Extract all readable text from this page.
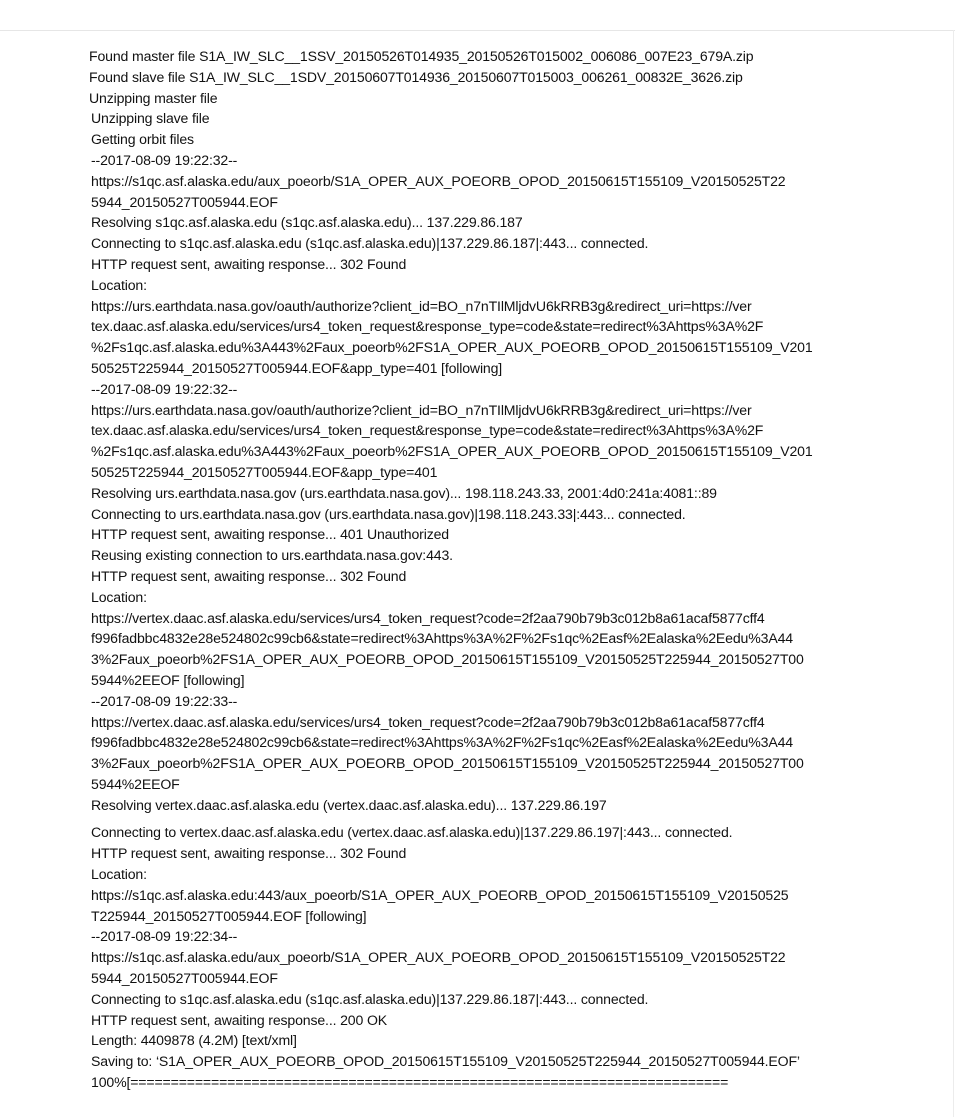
Found master file S1A_IW_SLC__1SSV_20150526T014935_20150526T015002_006086_007E23_679A.zip
Found slave file S1A_IW_SLC__1SDV_20150607T014936_20150607T015003_006261_00832E_3626.zip
Unzipping master file
Unzipping slave file
Getting orbit files
--2017-08-09 19:22:32--
https://s1qc.asf.alaska.edu/aux_poeorb/S1A_OPER_AUX_POEORB_OPOD_20150615T155109_V20150525T22
5944_20150527T005944.EOF
Resolving s1qc.asf.alaska.edu (s1qc.asf.alaska.edu)... 137.229.86.187
Connecting to s1qc.asf.alaska.edu (s1qc.asf.alaska.edu)|137.229.86.187|:443... connected.
HTTP request sent, awaiting response... 302 Found
Location:
https://urs.earthdata.nasa.gov/oauth/authorize?client_id=BO_n7nTIlMljdvU6kRRB3g&redirect_uri=https://ver
tex.daac.asf.alaska.edu/services/urs4_token_request&response_type=code&state=redirect%3Ahttps%3A%2F
%2Fs1qc.asf.alaska.edu%3A443%2Faux_poeorb%2FS1A_OPER_AUX_POEORB_OPOD_20150615T155109_V201
50525T225944_20150527T005944.EOF&app_type=401 [following]
--2017-08-09 19:22:32--
https://urs.earthdata.nasa.gov/oauth/authorize?client_id=BO_n7nTIlMljdvU6kRRB3g&redirect_uri=https://ver
tex.daac.asf.alaska.edu/services/urs4_token_request&response_type=code&state=redirect%3Ahttps%3A%2F
%2Fs1qc.asf.alaska.edu%3A443%2Faux_poeorb%2FS1A_OPER_AUX_POEORB_OPOD_20150615T155109_V201
50525T225944_20150527T005944.EOF&app_type=401
Resolving urs.earthdata.nasa.gov (urs.earthdata.nasa.gov)... 198.118.243.33, 2001:4d0:241a:4081::89
Connecting to urs.earthdata.nasa.gov (urs.earthdata.nasa.gov)|198.118.243.33|:443... connected.
HTTP request sent, awaiting response... 401 Unauthorized
Reusing existing connection to urs.earthdata.nasa.gov:443.
HTTP request sent, awaiting response... 302 Found
Location:
https://vertex.daac.asf.alaska.edu/services/urs4_token_request?code=2f2aa790b79b3c012b8a61acaf5877cff4
f996fadbbc4832e28e524802c99cb6&state=redirect%3Ahttps%3A%2F%2Fs1qc%2Easf%2Ealaska%2Eedu%3A44
3%2Faux_poeorb%2FS1A_OPER_AUX_POEORB_OPOD_20150615T155109_V20150525T225944_20150527T00
5944%2EEOF [following]
--2017-08-09 19:22:33--
https://vertex.daac.asf.alaska.edu/services/urs4_token_request?code=2f2aa790b79b3c012b8a61acaf5877cff4
f996fadbbc4832e28e524802c99cb6&state=redirect%3Ahttps%3A%2F%2Fs1qc%2Easf%2Ealaska%2Eedu%3A44
3%2Faux_poeorb%2FS1A_OPER_AUX_POEORB_OPOD_20150615T155109_V20150525T225944_20150527T00
5944%2EEOF
Resolving vertex.daac.asf.alaska.edu (vertex.daac.asf.alaska.edu)... 137.229.86.197
Connecting to vertex.daac.asf.alaska.edu (vertex.daac.asf.alaska.edu)|137.229.86.197|:443... connected.
HTTP request sent, awaiting response... 302 Found
Location:
https://s1qc.asf.alaska.edu:443/aux_poeorb/S1A_OPER_AUX_POEORB_OPOD_20150615T155109_V20150525
T225944_20150527T005944.EOF [following]
--2017-08-09 19:22:34--
https://s1qc.asf.alaska.edu/aux_poeorb/S1A_OPER_AUX_POEORB_OPOD_20150615T155109_V20150525T22
5944_20150527T005944.EOF
Connecting to s1qc.asf.alaska.edu (s1qc.asf.alaska.edu)|137.229.86.187|:443... connected.
HTTP request sent, awaiting response... 200 OK
Length: 4409878 (4.2M) [text/xml]
Saving to: ‘S1A_OPER_AUX_POEORB_OPOD_20150615T155109_V20150525T225944_20150527T005944.EOF’
100%[==========================================================================
